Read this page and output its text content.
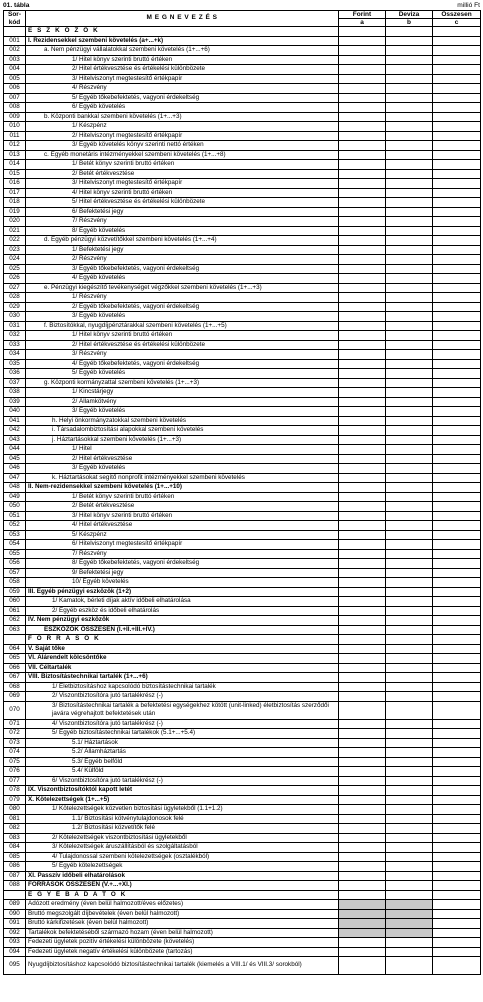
01. tábla	millió Ft
Sor-kód	M E G N E V E Z É S	Forint	Deviza	Összesen
		a	b	c
	E S Z K Ö Z Ö K			
001	I. Rezidensekkel szembeni követelés (a+...+k)			
002	a. Nem pénzügyi vállalatokkal szembeni követelés (1+...+6)			
003	1/ Hitel könyv szerinti bruttó értéken			
004	2/ Hitel értékvesztése és értékelési különbözete			
005	3/ Hitelviszonyt megtestesítő értékpapír			
006	4/ Részvény			
007	5/ Egyéb tőkebefektetés, vagyoni érdekeltség			
008	6/ Egyéb követelés			
009	b. Központi bankkal szembeni követelés (1+...+3)			
010	1/ Készpénz			
011	2/ Hitelviszonyt megtestesítő értékpapír			
012	3/ Egyéb követelés könyv szerinti nettó értéken			
013	c. Egyéb monetáris intézményekkel szembeni követelés (1+...+8)			
014	1/ Betét könyv szerinti bruttó értéken			
015	2/ Betét értékvesztése			
016	3/ Hitelviszonyt megtestesítő értékpapír			
017	4/ Hitel könyv szerinti bruttó értéken			
018	5/ Hitel értékvesztése és értékelési különbözete			
019	6/ Befektetési jegy			
020	7/ Részvény			
021	8/ Egyéb követelés			
022	d. Egyéb pénzügyi közvetítőkkel szembeni követelés (1+...+4)			
023	1/ Befektetési jegy			
024	2/ Részvény			
025	3/ Egyéb tőkebefektetés, vagyoni érdekeltség			
026	4/ Egyéb követelés			
027	e. Pénzügyi kiegészítő tevékenységet végzőkkel szembeni követelés (1+...+3)			
028	1/ Részvény			
029	2/ Egyéb tőkebefektetés, vagyoni érdekeltség			
030	3/ Egyéb követelés			
031	f. Biztosítókkal, nyugdíjpénztárakkal szembeni követelés (1+...+5)			
032	1/ Hitel könyv szerinti bruttó értéken			
033	2/ Hitel értékvesztése és értékelési különbözete			
034	3/ Részvény			
035	4/ Egyéb tőkebefektetés, vagyoni érdekeltség			
036	5/ Egyéb követelés			
037	g. Központi kormányzattal szembeni követelés (1+...+3)			
038	1/ Kincstárjegy			
039	2/ Államkötvény			
040	3/ Egyéb követelés			
041	h. Helyi önkormányzatokkal szembeni követelés			
042	i. Társadalombiztosítási alapokkal szembeni követelés			
043	j. Háztartásokkal szembeni követelés (1+...+3)			
044	1/ Hitel			
045	2/ Hitel értékvesztése			
046	3/ Egyéb követelés			
047	k. Háztartásokat segítő nonprofit intézményekkel szembeni követelés			
048	II. Nem-rezidensekkel szembeni követelés (1+...+10)			
049	1/ Betét könyv szerinti bruttó értéken			
050	2/ Betét értékvesztése			
051	3/ Hitel könyv szerinti bruttó értéken			
052	4/ Hitel értékvesztése			
053	5/ Készpénz			
054	6/ Hitelviszonyt megtestesítő értékpapír			
055	7/ Részvény			
056	8/ Egyéb tőkebefektetés, vagyoni érdekeltség			
057	9/ Befektetési jegy			
058	10/ Egyéb követelés			
059	III. Egyéb pénzügyi eszközök (1+2)			
060	1/ Kamatok, bérleti díjak aktív időbeli elhatárolása			
061	2/ Egyéb eszköz és időbeli elhatárolás			
062	IV. Nem pénzügyi eszközök			
063	ESZKÖZÖK ÖSSZESEN (I.+II.+III.+IV.)			
	F O R R Á S O K			
064	V. Saját tőke			
065	VI. Alárendelt kölcsöntőke			
066	VII. Céltartalék			
067	VIII. Biztosítástechnikai tartalék (1+...+6)			
068	1/ Életbiztosításhoz kapcsolódó biztosítástechnikai tartalék			
069	2/ Viszontbiztosítóra jutó tartalékrész (-)			
070	3/ Biztosítástechnikai tartalék a befektetési egységekhez kötött (unit-linked) életbiztosítás szerződői javára végrehajtott befektetések után			
071	4/ Viszontbiztosítóra jutó tartalékrész (-)			
072	5/ Egyéb biztosítástechnikai tartalékok (5.1+...+5.4)			
073	5.1/ Háztartások			
074	5.2/ Államháztartás			
075	5.3/ Egyéb belföld			
076	5.4/ Külföld			
077	6/ Viszontbiztosítóra jutó tartalékrész (-)			
078	IX. Viszontbiztosítóktól kapott letét			
079	X. Kötelezettségek (1+...+5)			
080	1/ Kötelezettségek közvetlen biztosítási ügyletekből (1.1+1.2)			
081	1.1/ Biztosítási kötvénytulajdonosok felé			
082	1.2/ Biztosítási közvetítők felé			
083	2/ Kötelezettségek viszontbiztosítási ügyletekből			
084	3/ Kötelezettségek áruszállításból és szolgáltatásból			
085	4/ Tulajdonossal szembeni kötelezettségek (osztalékból)			
086	5/ Egyéb kötelezettségek			
087	XI. Passzív időbeli elhatárolások			
088	FORRÁSOK ÖSSZESEN (V.+...+XI.)			
	E G Y É B A D A T O K			
089	Adózott eredmény (éven belül halmozott/éves előzetes)			
090	Bruttó megszolgált díjbevételek (éven belül halmozott)			
091	Bruttó kárkifizetések (éven belül halmozott)			
092	Tartalékok befektetéséből származó hozam (éven belül halmozott)			
093	Fedezeti ügyletek pozitív értékelési különbözete (követelés)			
094	Fedezeti ügyletek negatív értékelési különbözete (tartozás)			
095	Nyugdíjbiztosításhoz kapcsolódó biztosítástechnikai tartalék (kiemelés a VIII.1/ és VIII.3/ sorokból)			
